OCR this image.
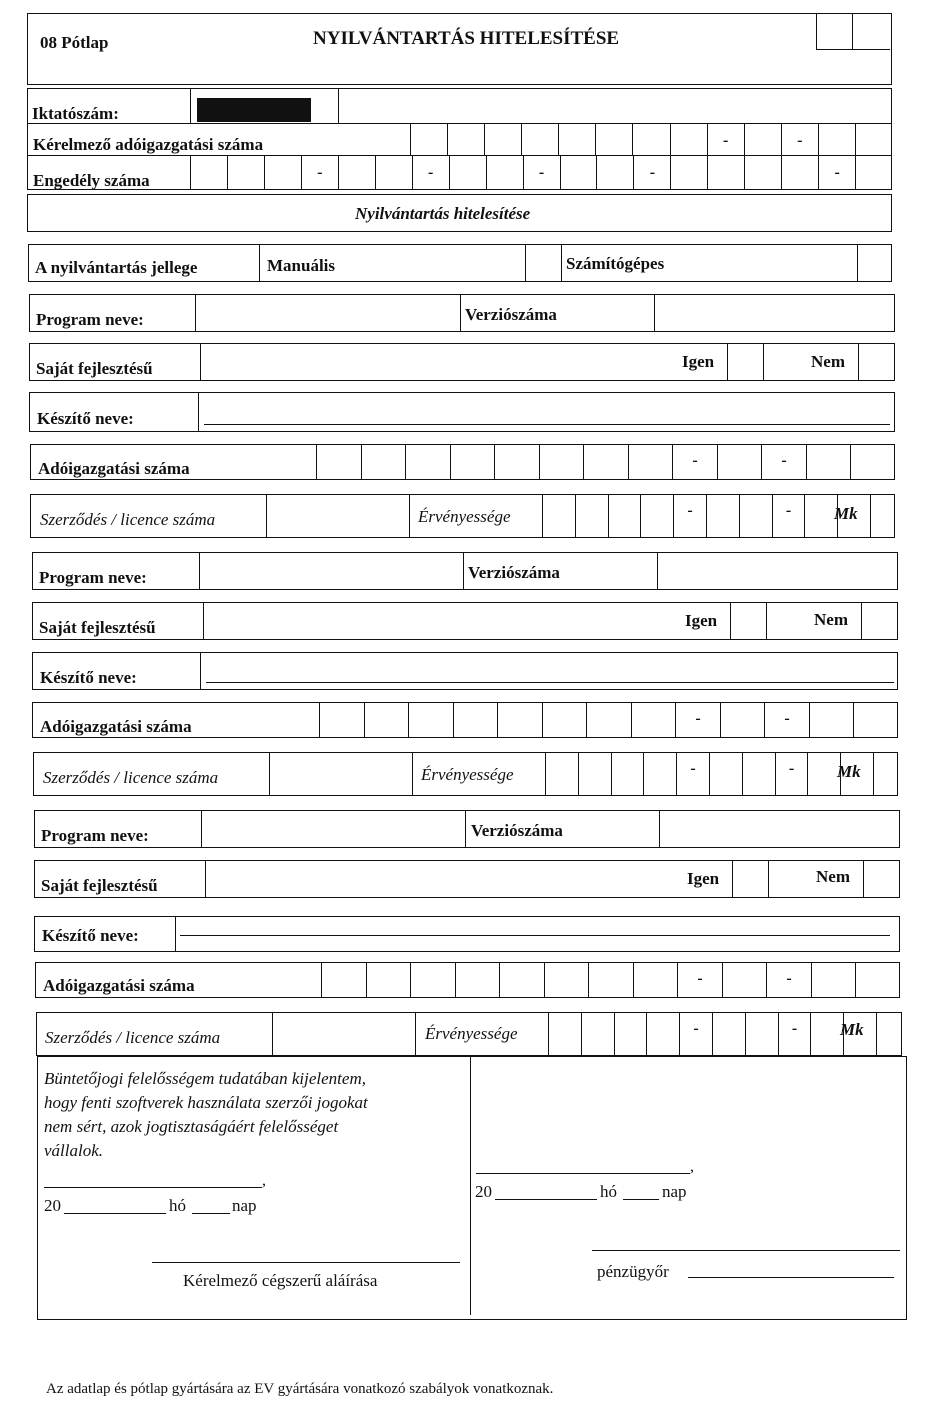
08 Pótlap	NYILVÁNTARTÁS HITELESÍTÉSE
Iktatószám:
Kérelmező adóigazgatási száma
-
-
Engedély száma
-
-
-
-
-
Nyilvántartás hitelesítése
A nyilvántartás jellege	Manuális	Számítógépes
Program neve:	Verziószáma
Saját fejlesztésű	Igen	Nem
Készítő neve:
Adóigazgatási száma
-
-
Szerződés / licence száma	Érvényessége - -	Mk
Program neve:	Verziószáma
Saját fejlesztésű	Igen	Nem
Készítő neve:
Adóigazgatási száma
-
-
Szerződés / licence száma	Érvényessége - -	Mk
Program neve:	Verziószáma
Saját fejlesztésű	Igen	Nem
Készítő neve:
Adóigazgatási száma
-
-
Szerződés / licence száma	Érvényessége - -	Mk
Büntetőjogi felelősségem tudatában kijelentem,
hogy fenti szoftverek használata szerzői jogokat
nem sért, azok jogtisztaságáért felelősséget
vállalok.
,
20	hó	nap
Kérelmező cégszerű aláírása
,
20	hó	nap
pénzügyőr
Az adatlap és pótlap gyártására az EV gyártására vonatkozó szabályok vonatkoznak.
